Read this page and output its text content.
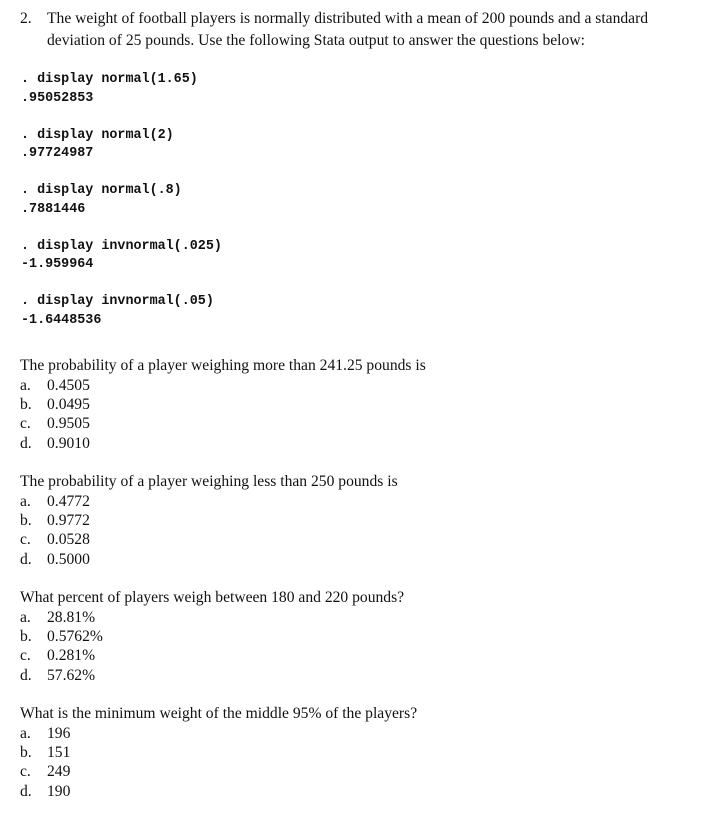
2. The weight of football players is normally distributed with a mean of 200 pounds and a standard deviation of 25 pounds. Use the following Stata output to answer the questions below:
. display normal(1.65)
.95052853
. display normal(2)
.97724987
. display normal(.8)
.7881446
. display invnormal(.025)
-1.959964
. display invnormal(.05)
-1.6448536
The probability of a player weighing more than 241.25 pounds is
a. 0.4505
b. 0.0495
c. 0.9505
d. 0.9010
The probability of a player weighing less than 250 pounds is
a. 0.4772
b. 0.9772
c. 0.0528
d. 0.5000
What percent of players weigh between 180 and 220 pounds?
a. 28.81%
b. 0.5762%
c. 0.281%
d. 57.62%
What is the minimum weight of the middle 95% of the players?
a. 196
b. 151
c. 249
d. 190
